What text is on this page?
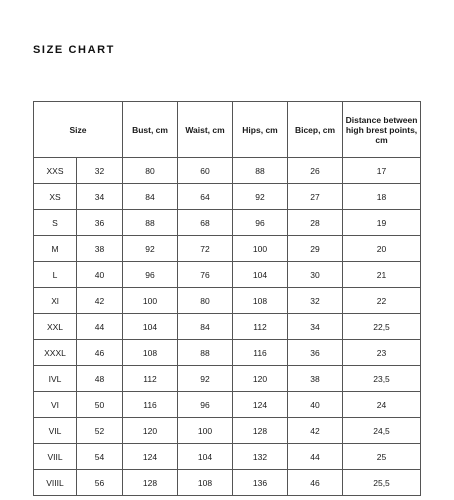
SIZE CHART
Size		Bust, cm	Waist, cm	Hips, cm	Bicep, cm	Distance between high brest points, cm
XXS	32	80	60	88	26	17
XS	34	84	64	92	27	18
S	36	88	68	96	28	19
M	38	92	72	100	29	20
L	40	96	76	104	30	21
Xl	42	100	80	108	32	22
XXL	44	104	84	112	34	22,5
XXXL	46	108	88	116	36	23
IVL	48	112	92	120	38	23,5
VI	50	116	96	124	40	24
VIL	52	120	100	128	42	24,5
VIIL	54	124	104	132	44	25
VIIIL	56	128	108	136	46	25,5
